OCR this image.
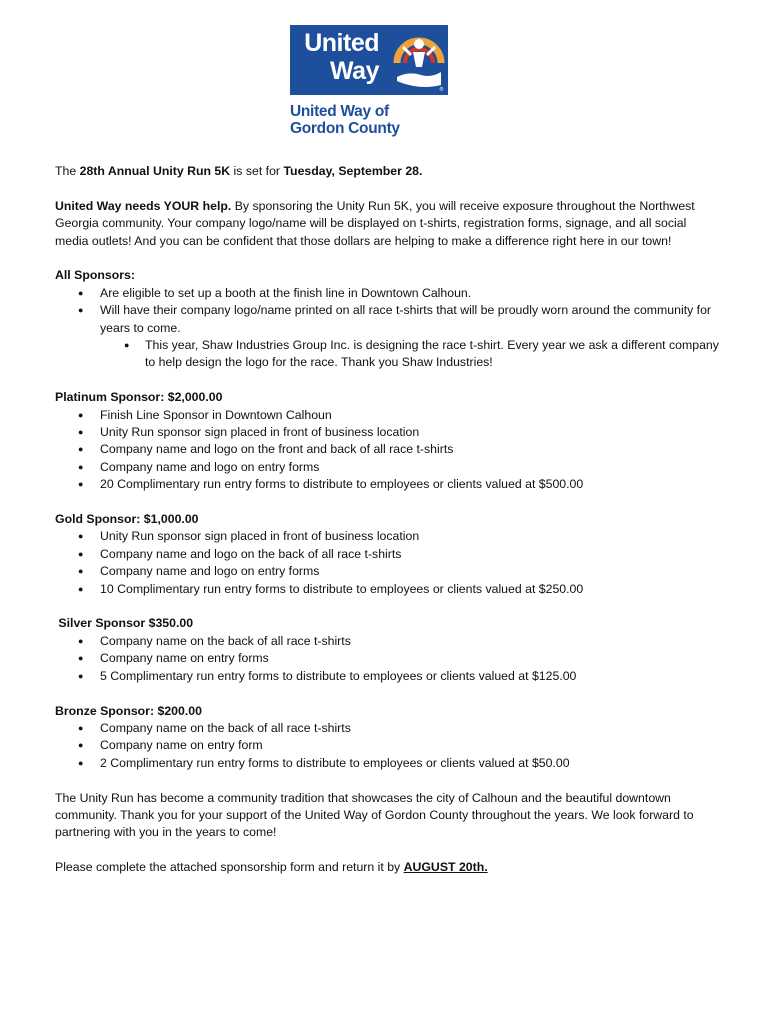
United
Way
®
United Way of
Gordon County

The 28th Annual Unity Run 5K is set for Tuesday, September 28.

United Way needs YOUR help. By sponsoring the Unity Run 5K, you will receive exposure throughout the Northwest Georgia community. Your company logo/name will be displayed on t-shirts, registration forms, signage, and all social media outlets! And you can be confident that those dollars are helping to make a difference right here in our town!

All Sponsors:

● Are eligible to set up a booth at the finish line in Downtown Calhoun.
● Will have their company logo/name printed on all race t-shirts that will be proudly worn around the community for years to come.
● This year, Shaw Industries Group Inc. is designing the race t-shirt. Every year we ask a different company to help design the logo for the race. Thank you Shaw Industries!

Platinum Sponsor: $2,000.00

● Finish Line Sponsor in Downtown Calhoun
● Unity Run sponsor sign placed in front of business location
● Company name and logo on the front and back of all race t-shirts
● Company name and logo on entry forms
● 20 Complimentary run entry forms to distribute to employees or clients valued at $500.00

Gold Sponsor: $1,000.00

● Unity Run sponsor sign placed in front of business location
● Company name and logo on the back of all race t-shirts
● Company name and logo on entry forms
● 10 Complimentary run entry forms to distribute to employees or clients valued at $250.00

Silver Sponsor $350.00

● Company name on the back of all race t-shirts
● Company name on entry forms
● 5 Complimentary run entry forms to distribute to employees or clients valued at $125.00

Bronze Sponsor: $200.00

● Company name on the back of all race t-shirts
● Company name on entry form
● 2 Complimentary run entry forms to distribute to employees or clients valued at $50.00

The Unity Run has become a community tradition that showcases the city of Calhoun and the beautiful downtown community. Thank you for your support of the United Way of Gordon County throughout the years. We look forward to partnering with you in the years to come!

Please complete the attached sponsorship form and return it by AUGUST 20th.
